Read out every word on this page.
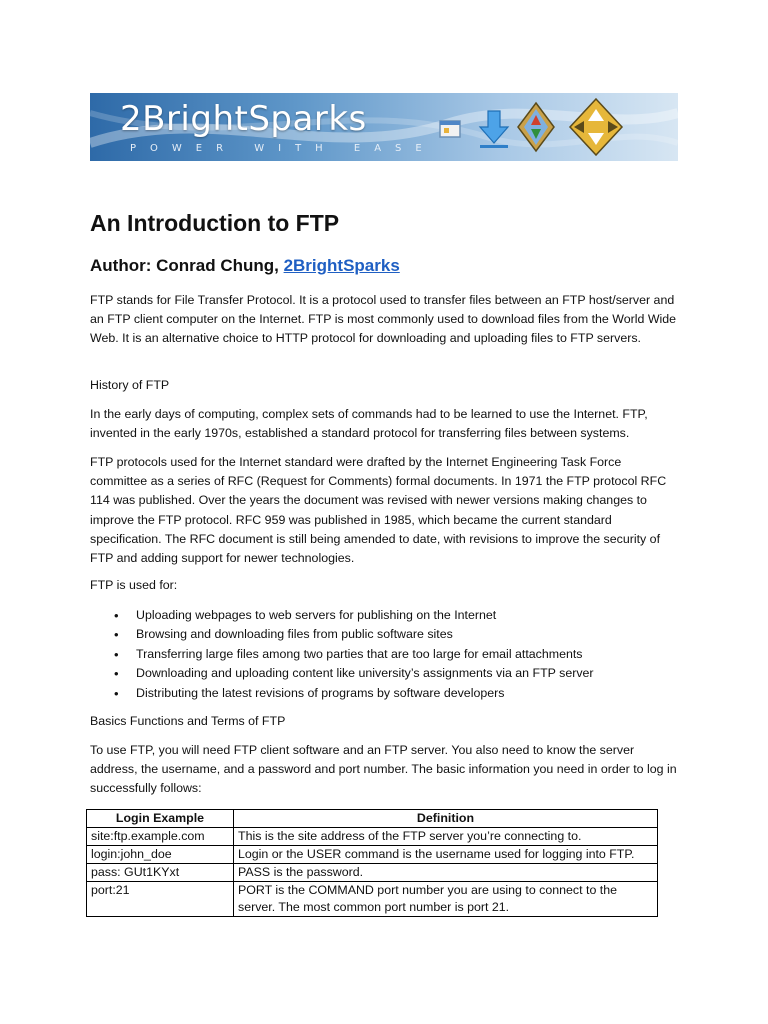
2BrightSparks
POWER WITH EASE
An Introduction to FTP
Author: Conrad Chung, 2BrightSparks

FTP stands for File Transfer Protocol. It is a protocol used to transfer files between an FTP host/server and an FTP client computer on the Internet. FTP is most commonly used to download files from the World Wide Web. It is an alternative choice to HTTP protocol for downloading and uploading files to FTP servers.

History of FTP

In the early days of computing, complex sets of commands had to be learned to use the Internet. FTP, invented in the early 1970s, established a standard protocol for transferring files between systems.

FTP protocols used for the Internet standard were drafted by the Internet Engineering Task Force committee as a series of RFC (Request for Comments) formal documents. In 1971 the FTP protocol RFC 114 was published. Over the years the document was revised with newer versions making changes to improve the FTP protocol. RFC 959 was published in 1985, which became the current standard specification. The RFC document is still being amended to date, with revisions to improve the security of FTP and adding support for newer technologies.

FTP is used for:

• Uploading webpages to web servers for publishing on the Internet
• Browsing and downloading files from public software sites
• Transferring large files among two parties that are too large for email attachments
• Downloading and uploading content like university’s assignments via an FTP server
• Distributing the latest revisions of programs by software developers

Basics Functions and Terms of FTP

To use FTP, you will need FTP client software and an FTP server. You also need to know the server address, the username, and a password and port number. The basic information you need in order to log in successfully follows:

Login Example	Definition
site:ftp.example.com	This is the site address of the FTP server you’re connecting to.
login:john_doe	Login or the USER command is the username used for logging into FTP.
pass: GUt1KYxt	PASS is the password.
port:21	PORT is the COMMAND port number you are using to connect to the server. The most common port number is port 21.
